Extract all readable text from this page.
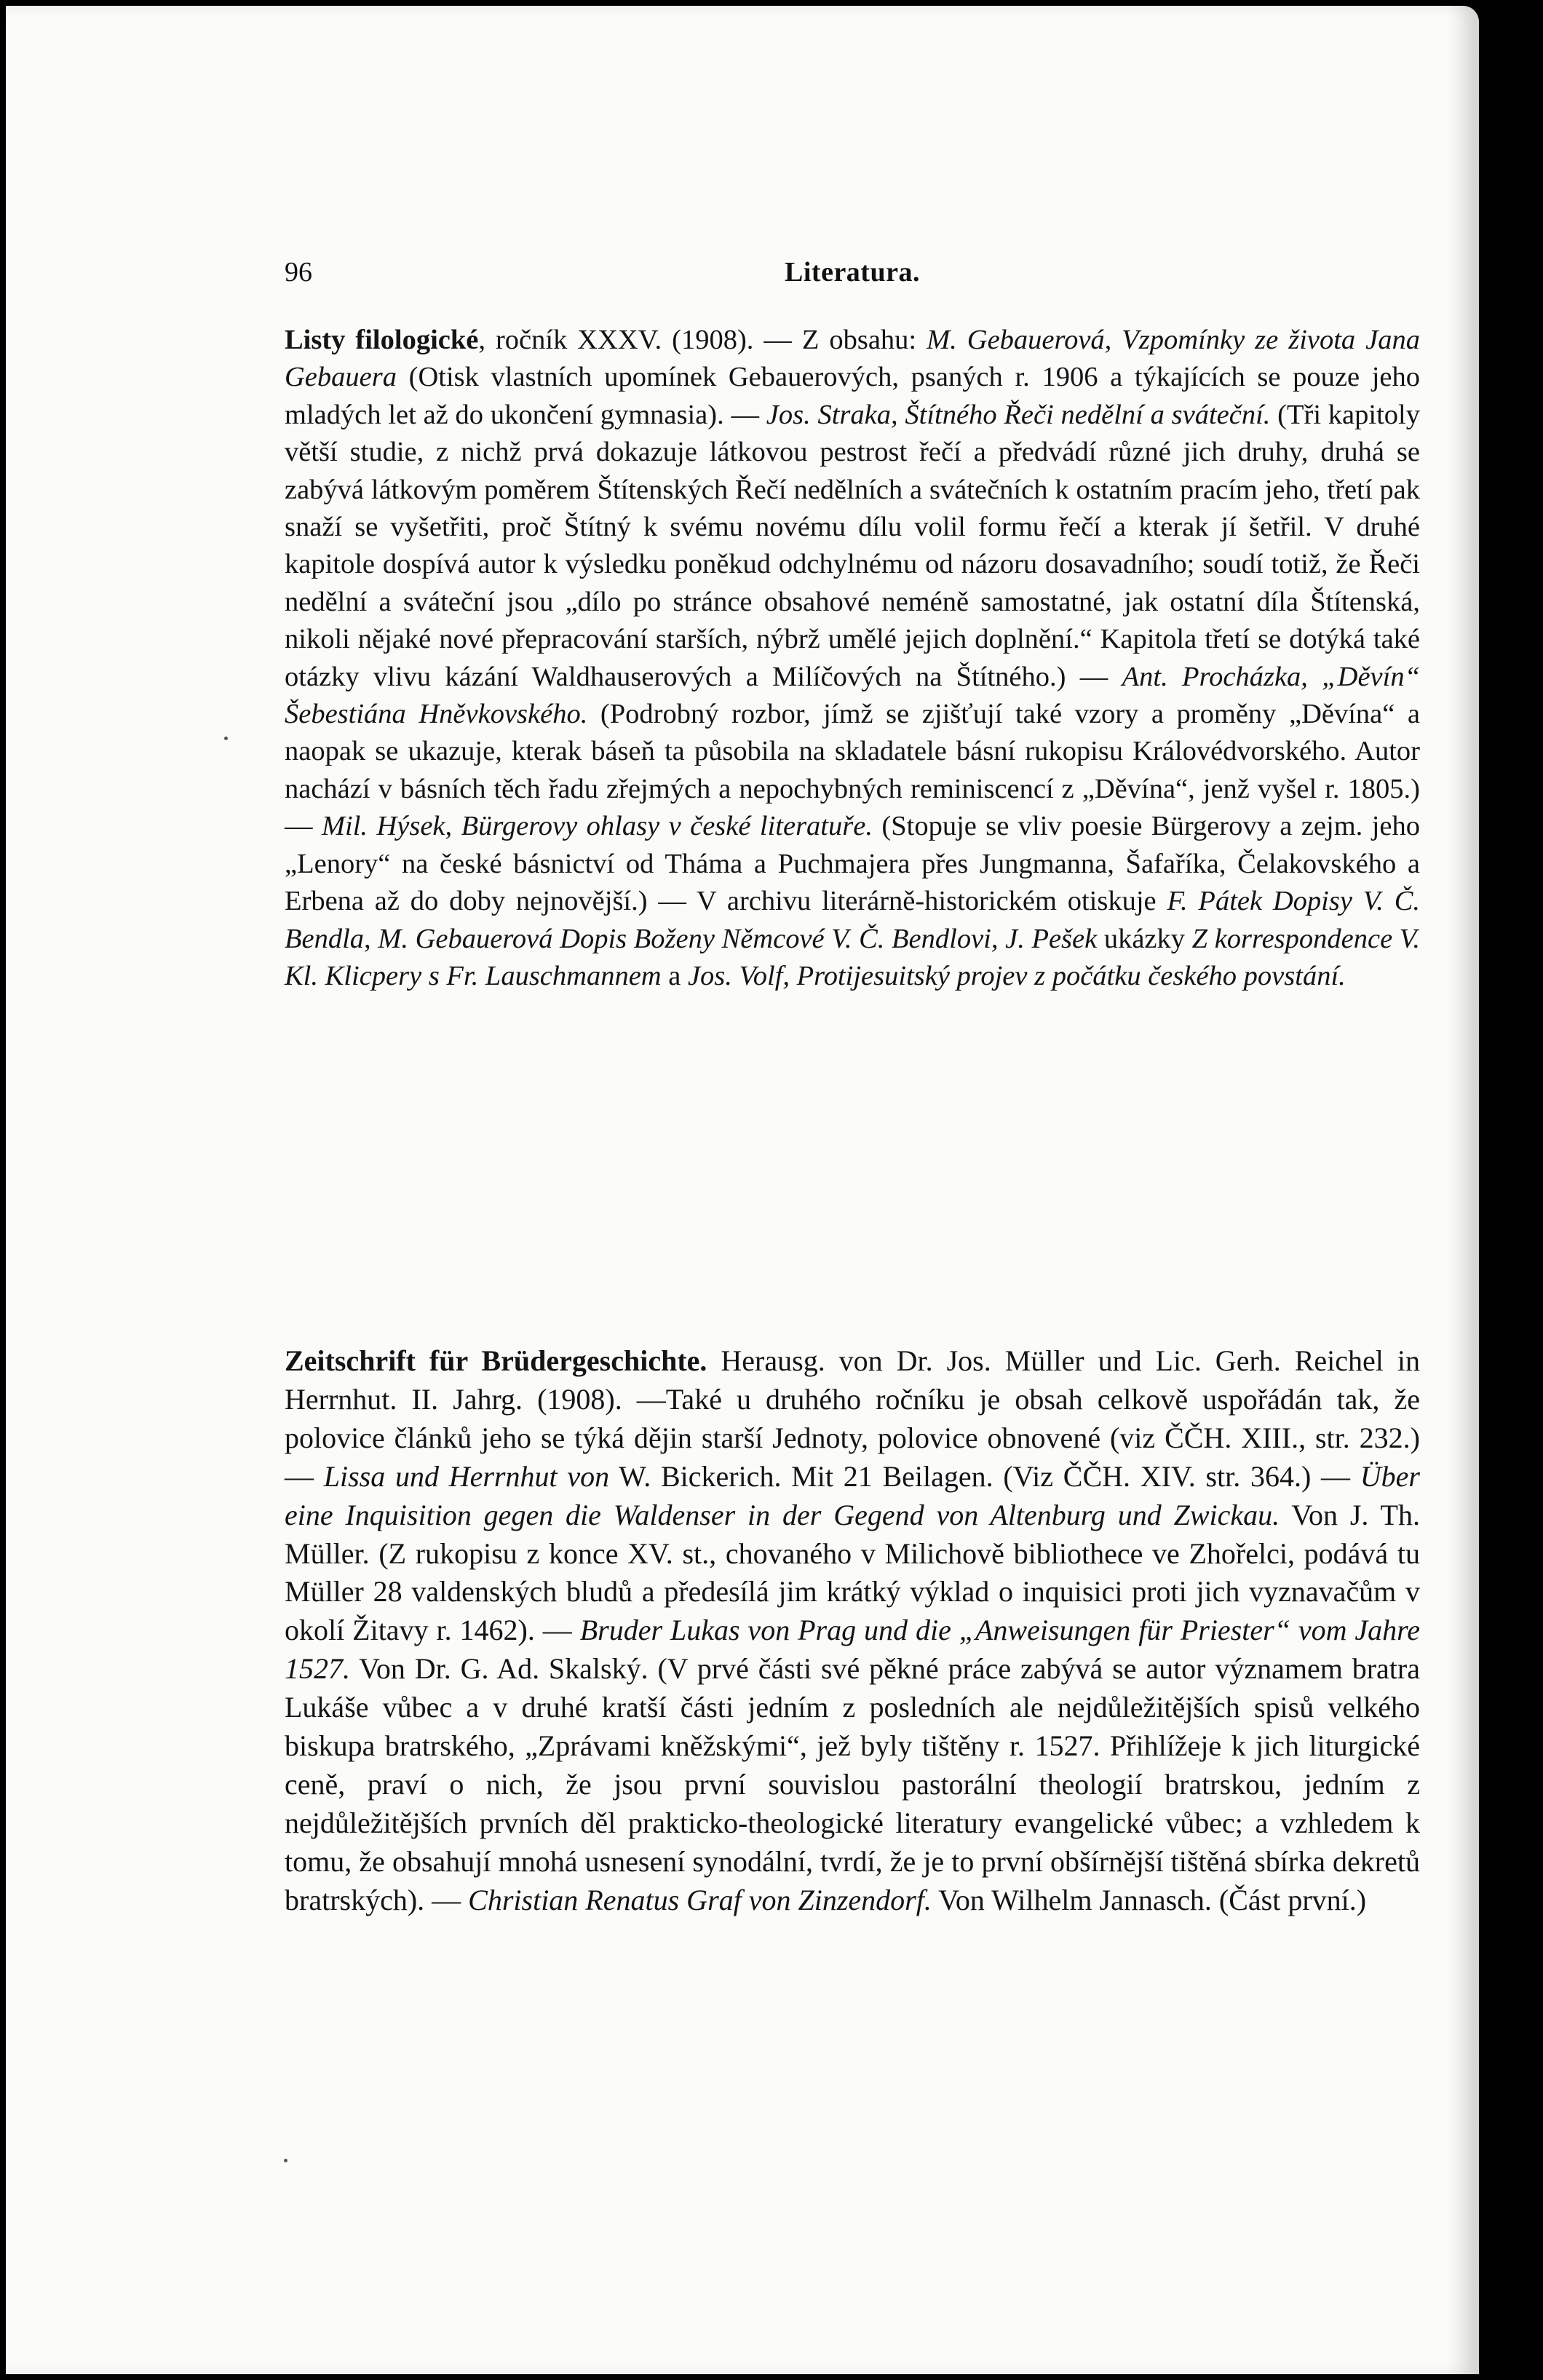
96	Literatura.

Listy filologické, ročník XXXV. (1908). — Z obsahu: M. Gebauerová, Vzpomínky ze života Jana Gebauera (Otisk vlastních upomínek Gebauerových, psaných r. 1906 a týkajících se pouze jeho mladých let až do ukončení gymnasia). — Jos. Straka, Štítného Řeči nedělní a sváteční. (Tři kapitoly větší studie, z nichž prvá dokazuje látkovou pestrost řečí a předvádí různé jich druhy, druhá se zabývá látkovým poměrem Štítenských Řečí nedělních a svátečních k ostatním pracím jeho, třetí pak snaží se vyšetřiti, proč Štítný k svému novému dílu volil formu řečí a kterak jí šetřil. V druhé kapitole dospívá autor k výsledku poněkud odchylnému od názoru dosavadního; soudí totiž, že Řeči nedělní a sváteční jsou „dílo po stránce obsahové neméně samostatné, jak ostatní díla Štítenská, nikoli nějaké nové přepracování starších, nýbrž umělé jejich doplnění.“ Kapitola třetí se dotýká také otázky vlivu kázání Waldhauserových a Milíčových na Štítného.) — Ant. Procházka, „Děvín“ Šebestiána Hněvkovského. (Podrobný rozbor, jímž se zjišťují také vzory a proměny „Děvína“ a naopak se ukazuje, kterak báseň ta působila na skladatele básní rukopisu Královédvorského. Autor nachází v básních těch řadu zřejmých a nepochybných reminiscencí z „Děvína“, jenž vyšel r. 1805.) — Mil. Hýsek, Bürgerovy ohlasy v české literatuře. (Stopuje se vliv poesie Bürgerovy a zejm. jeho „Lenory“ na české básnictví od Tháma a Puchmajera přes Jungmanna, Šafaříka, Čelakovského a Erbena až do doby nejnovější.) — V archivu literárně-historickém otiskuje F. Pátek Dopisy V. Č. Bendla, M. Gebauerová Dopis Boženy Němcové V. Č. Bendlovi, J. Pešek ukázky Z korrespondence V. Kl. Klicpery s Fr. Lauschmannem a Jos. Volf, Protijesuitský projev z počátku českého povstání.

Zeitschrift für Brüdergeschichte. Herausg. von Dr. Jos. Müller und Lic. Gerh. Reichel in Herrnhut. II. Jahrg. (1908). —Také u druhého ročníku je obsah celkově uspořádán tak, že polovice článků jeho se týká dějin starší Jednoty, polovice obnovené (viz ČČH. XIII., str. 232.) — Lissa und Herrnhut von W. Bickerich. Mit 21 Beilagen. (Viz ČČH. XIV. str. 364.) — Über eine Inquisition gegen die Waldenser in der Gegend von Altenburg und Zwickau. Von J. Th. Müller. (Z rukopisu z konce XV. st., chovaného v Milichově bibliothece ve Zhořelci, podává tu Müller 28 valdenských bludů a předesílá jim krátký výklad o inquisici proti jich vyznavačům v okolí Žitavy r. 1462). — Bruder Lukas von Prag und die „Anweisungen für Priester“ vom Jahre 1527. Von Dr. G. Ad. Skalský. (V prvé části své pěkné práce zabývá se autor významem bratra Lukáše vůbec a v druhé kratší části jedním z posledních ale nejdůležitějších spisů velkého biskupa bratrského, „Zprávami kněžskými“, jež byly tištěny r. 1527. Přihlížeje k jich liturgické ceně, praví o nich, že jsou první souvislou pastorální theologií bratrskou, jedním z nejdůležitějších prvních děl prakticko-theologické literatury evangelické vůbec; a vzhledem k tomu, že obsahují mnohá usnesení synodální, tvrdí, že je to první obšírnější tištěná sbírka dekretů bratrských). — Christian Renatus Graf von Zinzendorf. Von Wilhelm Jannasch. (Část první.)
